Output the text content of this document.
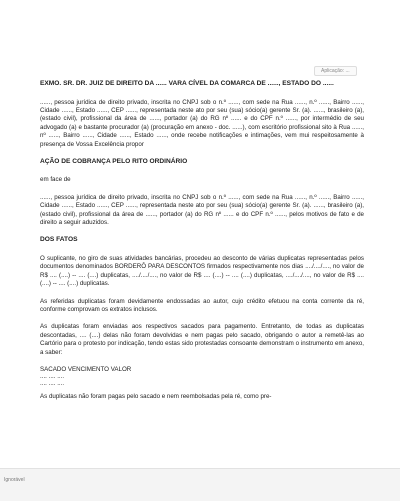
Aplicação: ...
EXMO. SR. DR. JUIZ DE DIREITO DA ...... VARA CÍVEL DA COMARCA DE ......, ESTADO DO ......

......, pessoa jurídica de direito privado, inscrita no CNPJ sob o n.º ......, com sede na Rua ......, n.º ......, Bairro ......, Cidade ......, Estado ......, CEP ......, representada neste ato por seu (sua) sócio(a) gerente Sr. (a). ......, brasileiro (a), (estado civil), profissional da área de ......, portador (a) do RG nº ...... e do CPF n.º ......, por intermédio de seu advogado (a) e bastante procurador (a) (procuração em anexo - doc. ......), com escritório profissional sito à Rua ......, nº ......, Bairro ......, Cidade ......, Estado ......, onde recebe notificações e intimações, vem mui respeitosamente à presença de Vossa Excelência propor

AÇÃO DE COBRANÇA PELO RITO ORDINÁRIO

em face de

......, pessoa jurídica de direito privado, inscrita no CNPJ sob o n.º ......, com sede na Rua ......, n.º ......, Bairro ......, Cidade ......, Estado ......, CEP ......, representada neste ato por seu (sua) sócio(a) gerente Sr. (a). ......, brasileiro (a), (estado civil), profissional da área de ......, portador (a) do RG nº ...... e do CPF n.º ......, pelos motivos de fato e de direito a seguir aduzidos.

DOS FATOS

O suplicante, no giro de suas atividades bancárias, procedeu ao desconto de várias duplicatas representadas pelos documentos denominados BORDERÔ PARA DESCONTOS firmados respectivamente nos dias ..../..../...., no valor de R$ .... (....) -- .... (....) duplicatas, ..../..../...., no valor de R$ .... (....) -- .... (....) duplicatas, ..../..../...., no valor de R$ .... (....) -- .... (....) duplicatas.

As referidas duplicatas foram devidamente endossadas ao autor, cujo crédito efetuou na conta corrente da ré, conforme comprovam os extratos inclusos.

As duplicatas foram enviadas aos respectivos sacados para pagamento. Entretanto, de todas as duplicatas descontadas, .... (....) delas não foram devolvidas e nem pagas pelo sacado, obrigando o autor a remetê-las ao Cartório para o protesto por indicação, tendo estas sido protestadas consoante demonstram o instrumento em anexo, a saber:

SACADO VENCIMENTO VALOR
.... .... ....
.... .... ....

As duplicatas não foram pagas pelo sacado e nem reembolsadas pela ré, como pre-

Ignorável
